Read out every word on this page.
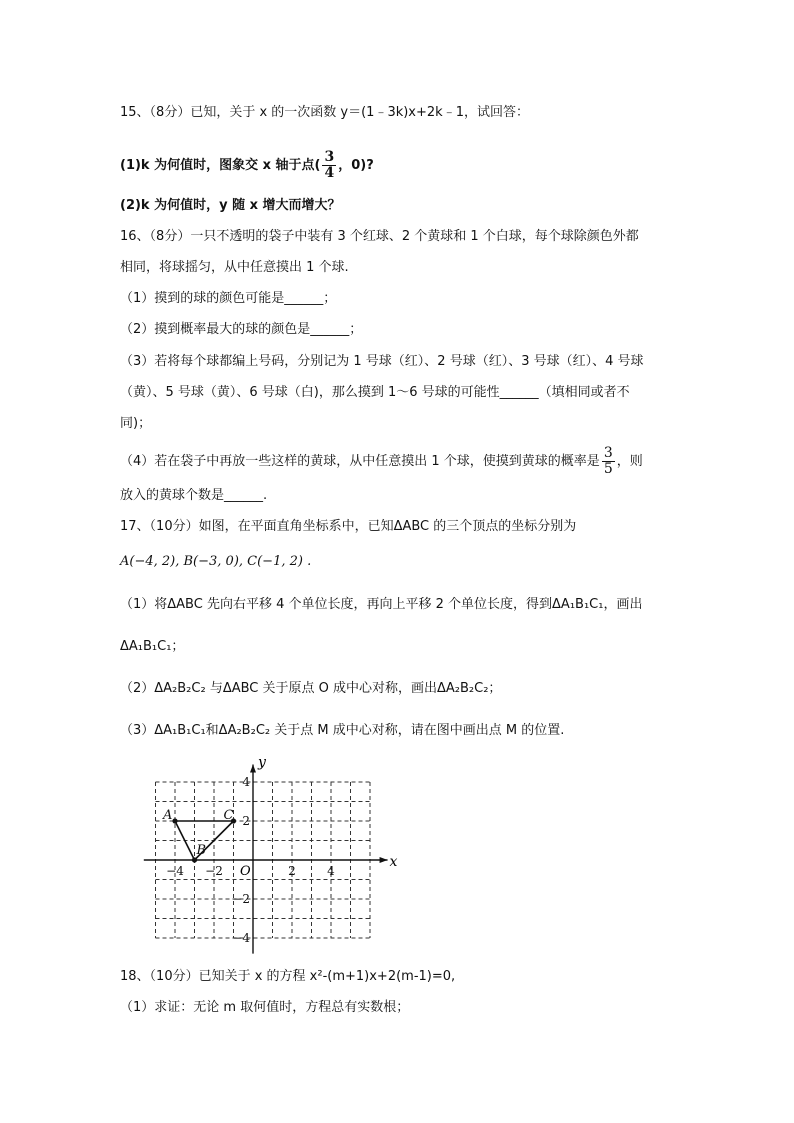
15、（8分）已知，关于 x 的一次函数 y＝(1﹣3k)x+2k﹣1，试回答：
(1)k 为何值时，图象交 x 轴于点( $\frac{3}{4}$ ，0)?
(2)k 为何值时，y 随 x 增大而增大？
16、（8分）一只不透明的袋子中装有 3 个红球、2 个黄球和 1 个白球，每个球除颜色外都
相同，将球摇匀，从中任意摸出 1 个球.
（1）摸到的球的颜色可能是______；
（2）摸到概率最大的球的颜色是______；
（3）若将每个球都编上号码，分别记为 1 号球（红）、2 号球（红）、3 号球（红）、4 号球
（黄）、5 号球（黄）、6 号球（白)，那么摸到 1～6 号球的可能性______（填相同或者不
同)；
（4）若在袋子中再放一些这样的黄球，从中任意摸出 1 个球，使摸到黄球的概率是 $\frac{3}{5}$ ，则
放入的黄球个数是______.
17、（10分）如图，在平面直角坐标系中，已知ΔABC 的三个顶点的坐标分别为
A(−4, 2), B(−3, 0), C(−1, 2) .
（1）将ΔABC 先向右平移 4 个单位长度，再向上平移 2 个单位长度，得到ΔA₁B₁C₁，画出
ΔA₁B₁C₁；
（2）ΔA₂B₂C₂ 与ΔABC 关于原点 O 成中心对称，画出ΔA₂B₂C₂；
（3）ΔA₁B₁C₁和ΔA₂B₂C₂ 关于点 M 成中心对称，请在图中画出点 M 的位置.
−4 −2	2	4
4
2
−2
−4
A
B
C
x
y
O
18、（10分）已知关于 x 的方程 x²-(m+1)x+2(m-1)=0,
（1）求证：无论 m 取何值时，方程总有实数根；
